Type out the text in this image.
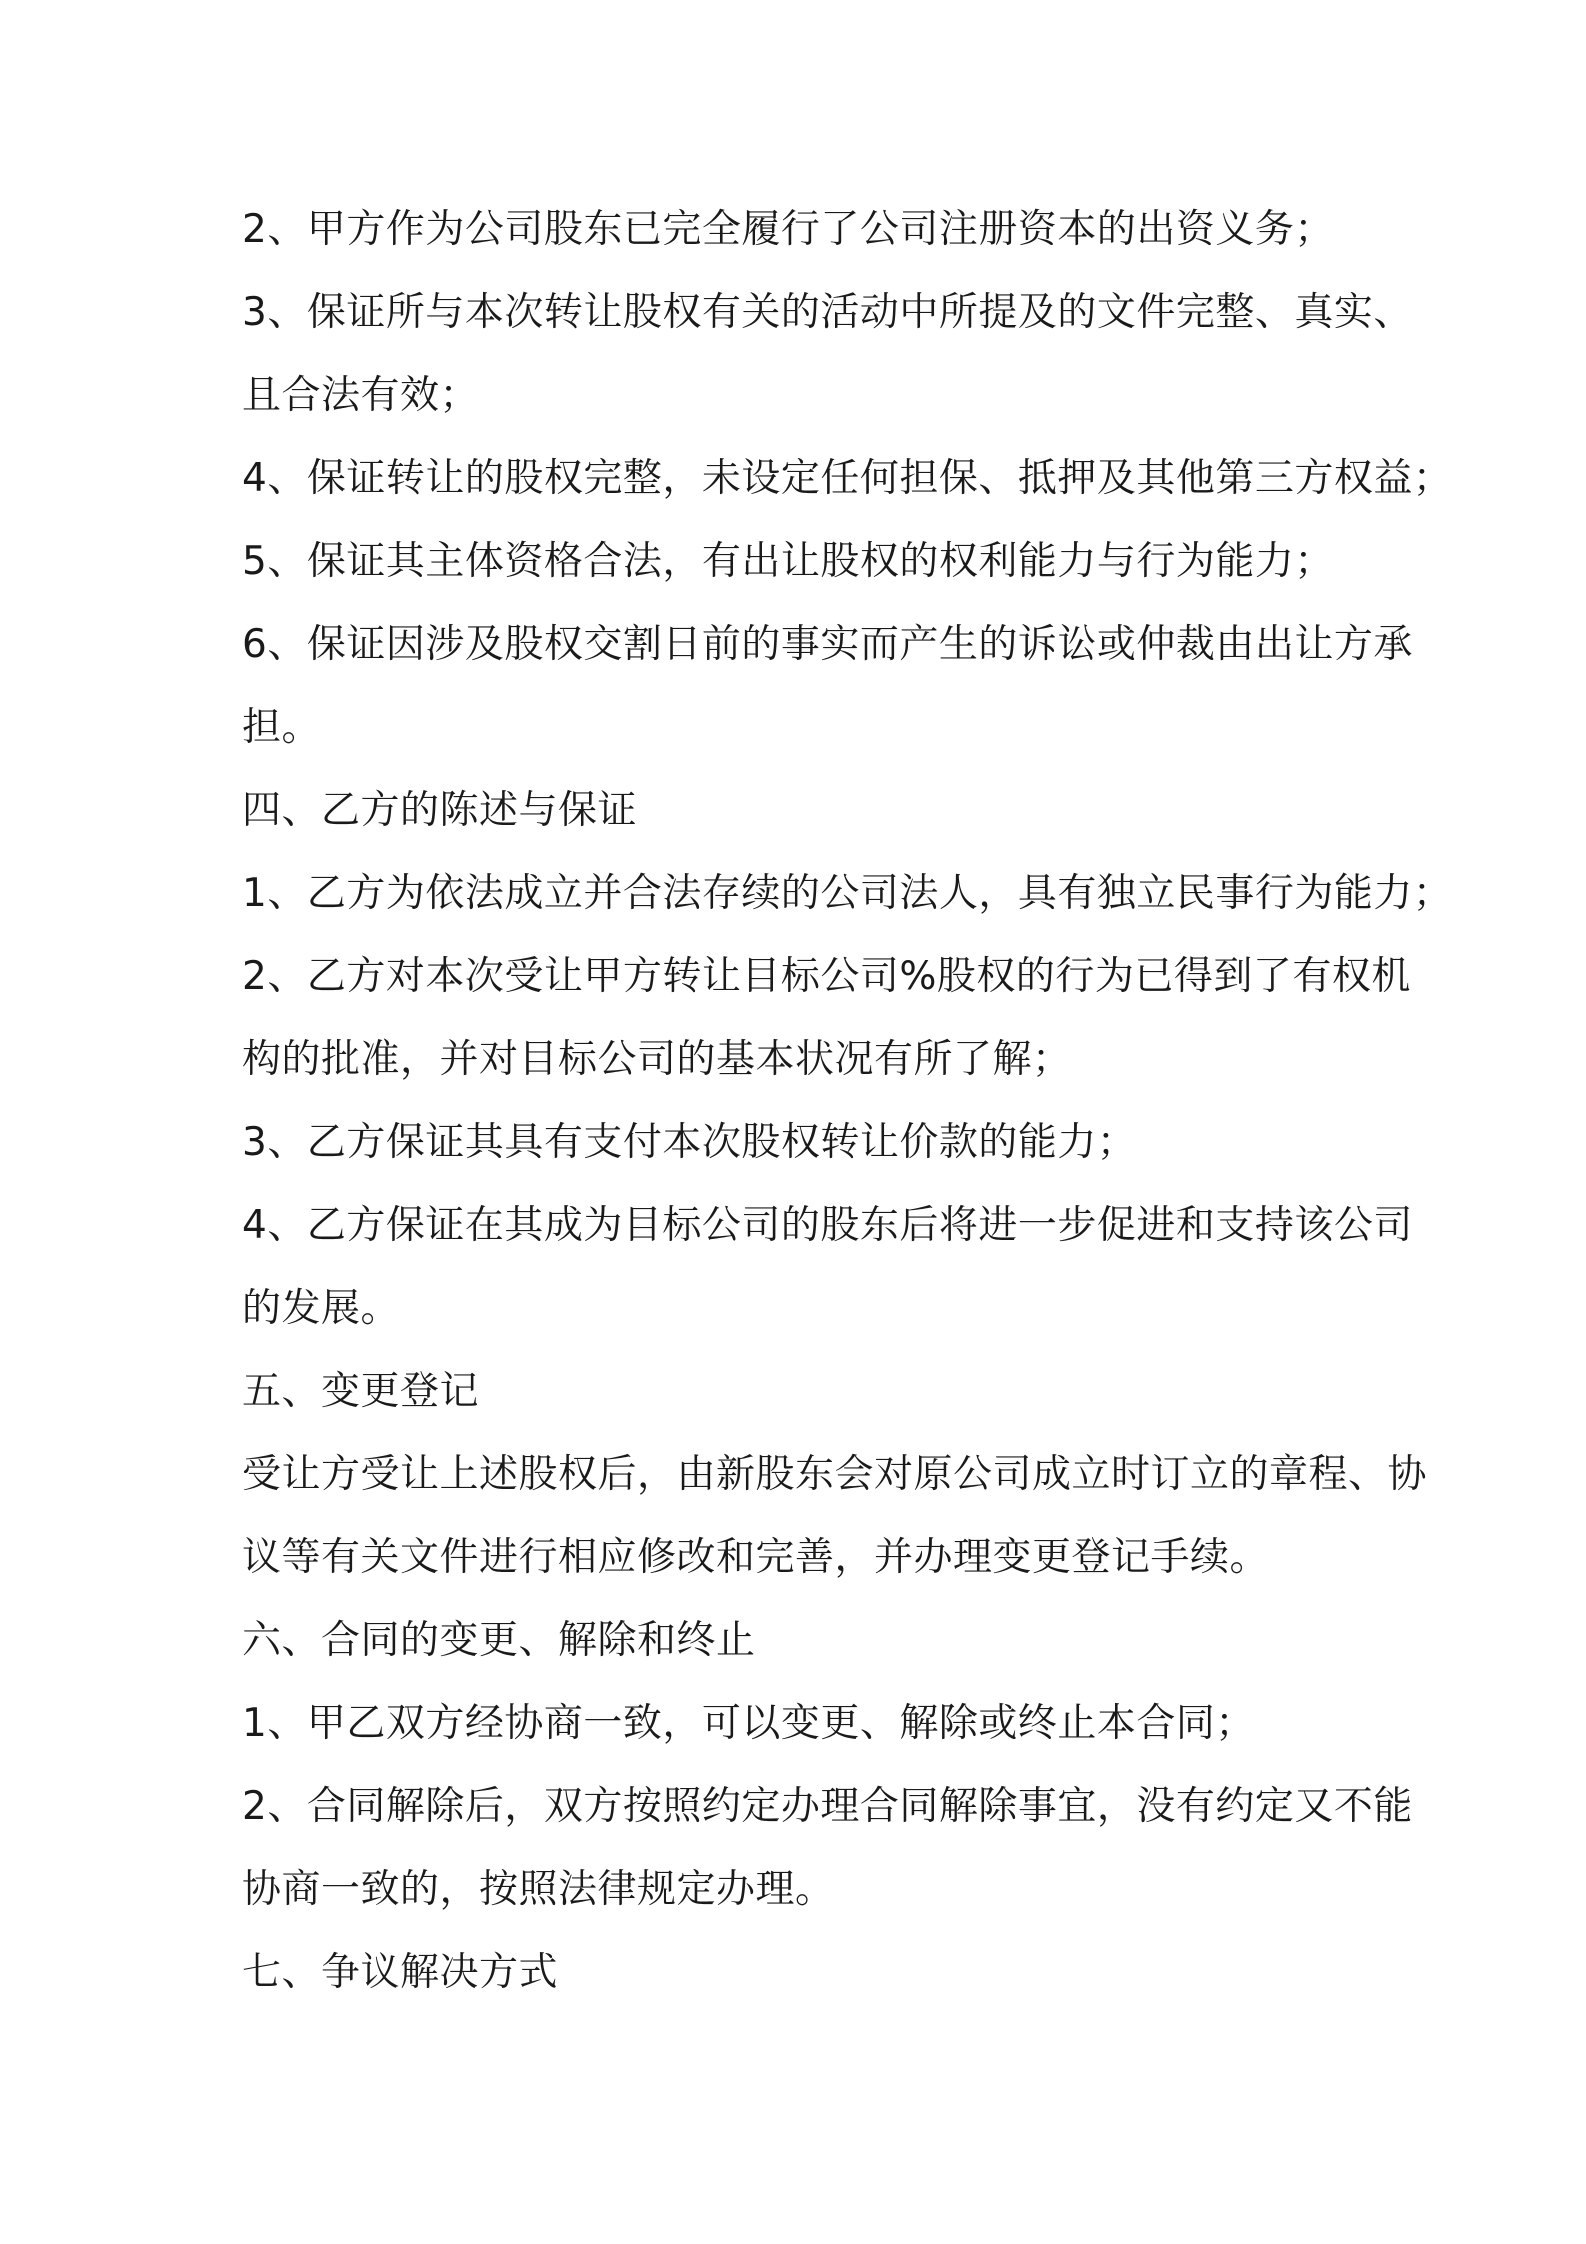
2、甲方作为公司股东已完全履行了公司注册资本的出资义务；
3、保证所与本次转让股权有关的活动中所提及的文件完整、真实、
且合法有效；
4、保证转让的股权完整，未设定任何担保、抵押及其他第三方权益；
5、保证其主体资格合法，有出让股权的权利能力与行为能力；
6、保证因涉及股权交割日前的事实而产生的诉讼或仲裁由出让方承
担。
四、乙方的陈述与保证
1、乙方为依法成立并合法存续的公司法人，具有独立民事行为能力；
2、乙方对本次受让甲方转让目标公司%股权的行为已得到了有权机
构的批准，并对目标公司的基本状况有所了解；
3、乙方保证其具有支付本次股权转让价款的能力；
4、乙方保证在其成为目标公司的股东后将进一步促进和支持该公司
的发展。
五、变更登记
受让方受让上述股权后，由新股东会对原公司成立时订立的章程、协
议等有关文件进行相应修改和完善，并办理变更登记手续。
六、合同的变更、解除和终止
1、甲乙双方经协商一致，可以变更、解除或终止本合同；
2、合同解除后，双方按照约定办理合同解除事宜，没有约定又不能
协商一致的，按照法律规定办理。
七、争议解决方式
